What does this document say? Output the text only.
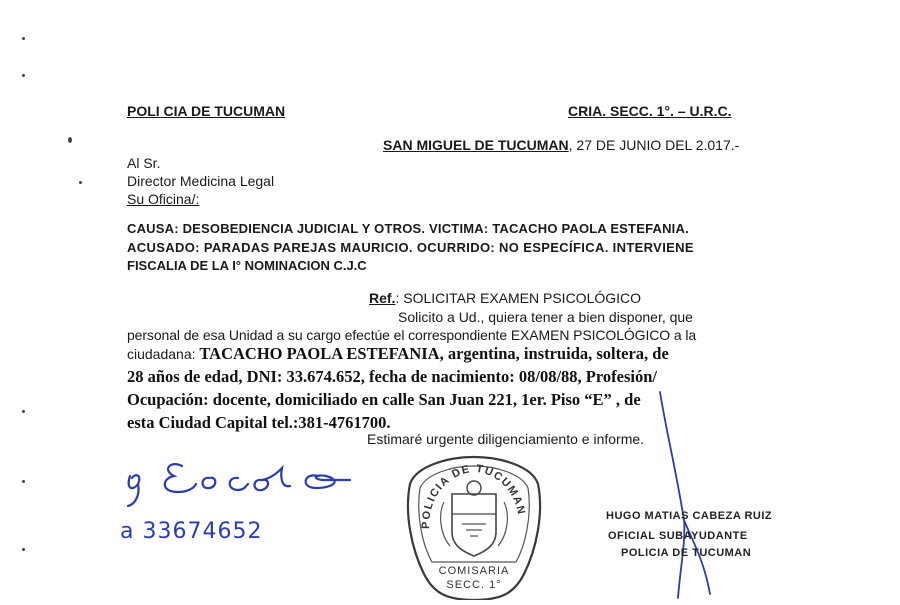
POLI CIA DE TUCUMAN	CRIA. SECC. 1°. – U.R.C.
SAN MIGUEL DE TUCUMAN, 27 DE JUNIO DEL 2.017.-
Al Sr.
Director Medicina Legal
Su Oficina/:
CAUSA: DESOBEDIENCIA JUDICIAL Y OTROS. VICTIMA: TACACHO PAOLA ESTEFANIA.
ACUSADO: PARADAS PAREJAS MAURICIO. OCURRIDO: NO ESPECÍFICA. INTERVIENE
FISCALIA DE LA I° NOMINACION C.J.C
Ref.: SOLICITAR EXAMEN PSICOLÓGICO
Solicito a Ud., quiera tener a bien disponer, que
personal de esa Unidad a su cargo efectúe el correspondiente EXAMEN PSICOLÓGICO a la
ciudadana: TACACHO PAOLA ESTEFANIA, argentina, instruida, soltera, de
28 años de edad, DNI: 33.674.652, fecha de nacimiento: 08/08/88, Profesión/
Ocupación: docente, domiciliado en calle San Juan 221, 1er. Piso “E” , de
esta Ciudad Capital tel.:381-4761700.
Estimaré urgente diligenciamiento e informe.
a 33674652	POLICIA DE TUCUMAN
COMISARIA
SECC. 1°
HUGO MATIAS CABEZA RUIZ
OFICIAL SUBAYUDANTE
POLICIA DE TUCUMAN
